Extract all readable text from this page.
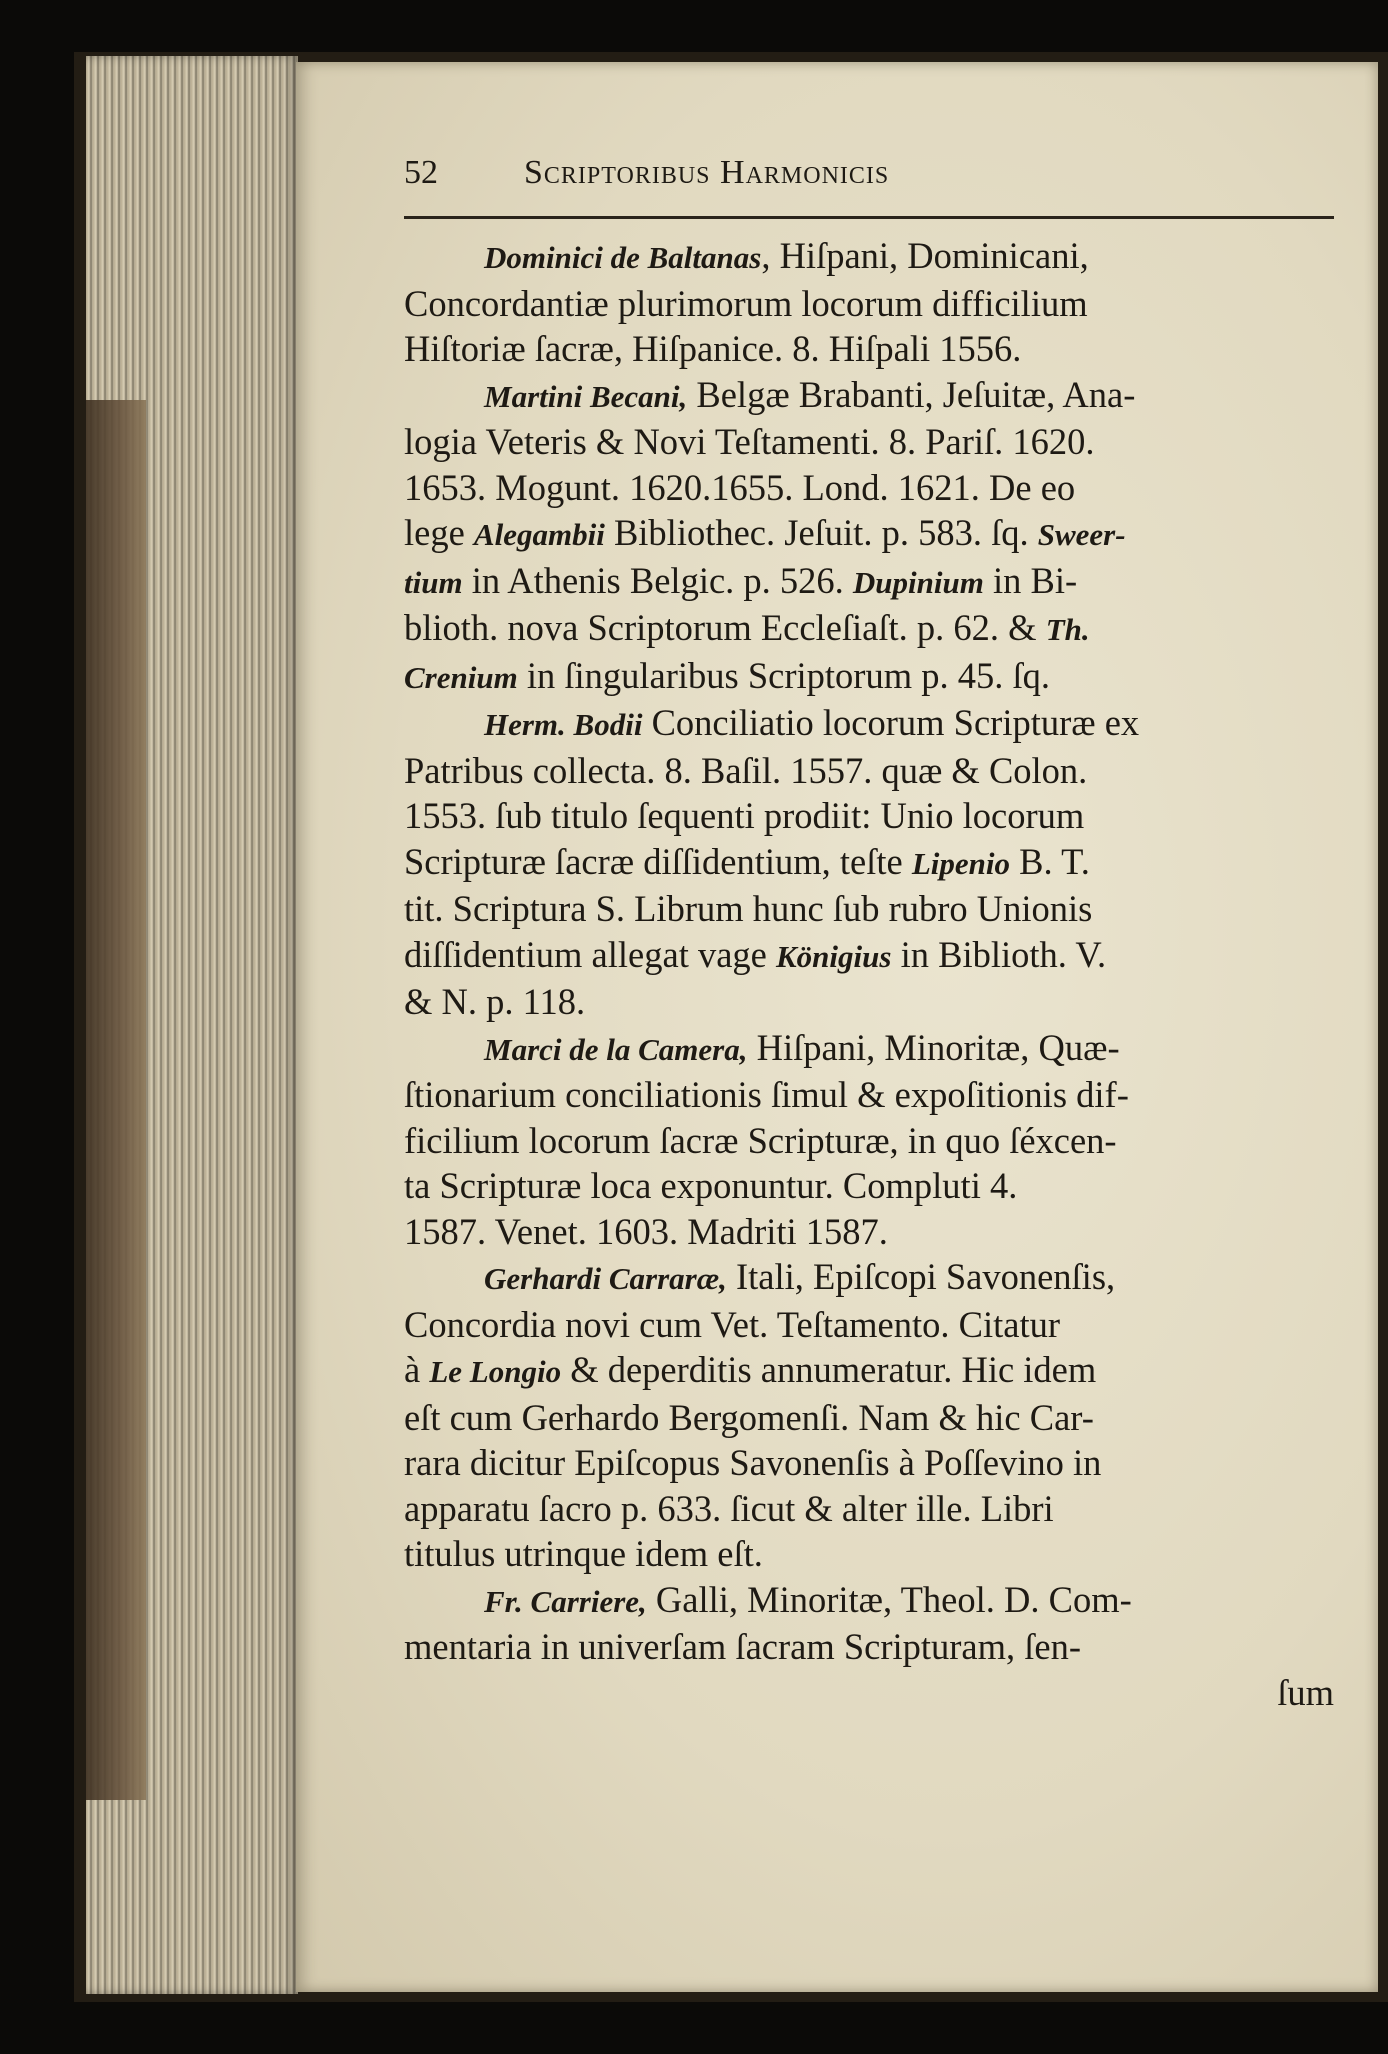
52	Scriptoribus Harmonicis
Dominici de Baltanas, Hiſpani, Dominicani,
Concordantiæ plurimorum locorum difficilium
Hiſtoriæ ſacræ, Hiſpanice. 8. Hiſpali 1556.
Martini Becani, Belgæ Brabanti, Jeſuitæ, Ana-
logia Veteris & Novi Teſtamenti. 8. Pariſ. 1620.
1653. Mogunt. 1620.1655. Lond. 1621. De eo
lege Alegambii Bibliothec. Jeſuit. p. 583. ſq. Sweer-
tium in Athenis Belgic. p. 526. Dupinium in Bi-
blioth. nova Scriptorum Eccleſiaſt. p. 62. & Th.
Crenium in ſingularibus Scriptorum p. 45. ſq.
Herm. Bodii Conciliatio locorum Scripturæ ex
Patribus collecta. 8. Baſil. 1557. quæ & Colon.
1553. ſub titulo ſequenti prodiit: Unio locorum
Scripturæ ſacræ diſſidentium, teſte Lipenio B. T.
tit. Scriptura S. Librum hunc ſub rubro Unionis
diſſidentium allegat vage Königius in Biblioth. V.
& N. p. 118.
Marci de la Camera, Hiſpani, Minoritæ, Quæ-
ſtionarium conciliationis ſimul & expoſitionis dif-
ficilium locorum ſacræ Scripturæ, in quo ſéxcen-
ta Scripturæ loca exponuntur. Compluti 4.
1587. Venet. 1603. Madriti 1587.
Gerhardi Carraræ, Itali, Epiſcopi Savonenſis,
Concordia novi cum Vet. Teſtamento. Citatur
à Le Longio & deperditis annumeratur. Hic idem
eſt cum Gerhardo Bergomenſi. Nam & hic Car-
rara dicitur Epiſcopus Savonenſis à Poſſevino in
apparatu ſacro p. 633. ſicut & alter ille. Libri
titulus utrinque idem eſt.
Fr. Carriere, Galli, Minoritæ, Theol. D. Com-
mentaria in univerſam ſacram Scripturam, ſen-
ſum
